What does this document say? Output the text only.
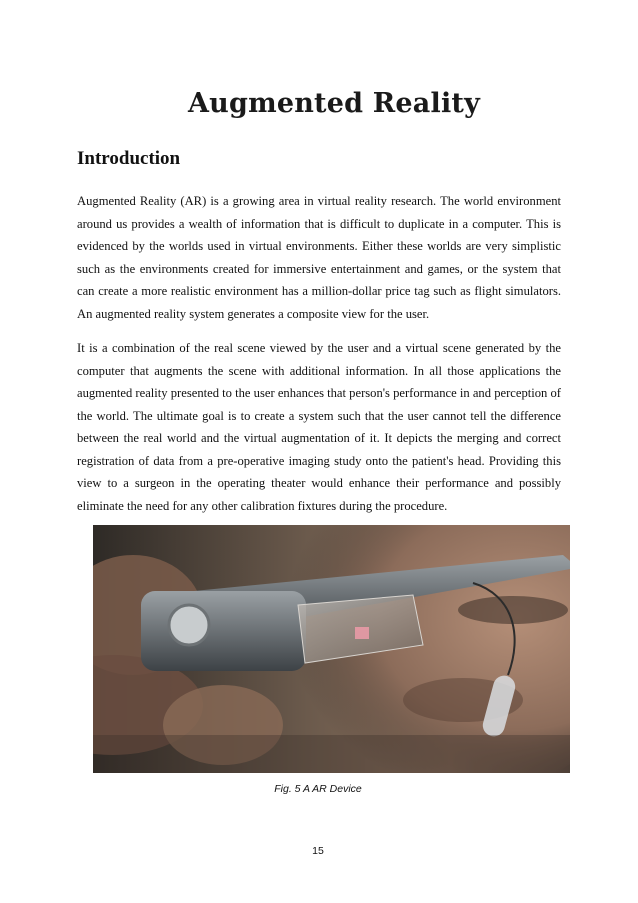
Augmented Reality
Introduction

Augmented Reality (AR) is a growing area in virtual reality research. The world environment around us provides a wealth of information that is difficult to duplicate in a computer. This is evidenced by the worlds used in virtual environments. Either these worlds are very simplistic such as the environments created for immersive entertainment and games, or the system that can create a more realistic environment has a million-dollar price tag such as flight simulators. An augmented reality system generates a composite view for the user.

It is a combination of the real scene viewed by the user and a virtual scene generated by the computer that augments the scene with additional information. In all those applications the augmented reality presented to the user enhances that person's performance in and perception of the world. The ultimate goal is to create a system such that the user cannot tell the difference between the real world and the virtual augmentation of it. It depicts the merging and correct registration of data from a pre-operative imaging study onto the patient's head. Providing this view to a surgeon in the operating theater would enhance their performance and possibly eliminate the need for any other calibration fixtures during the procedure.

Fig. 5 A AR Device
15
